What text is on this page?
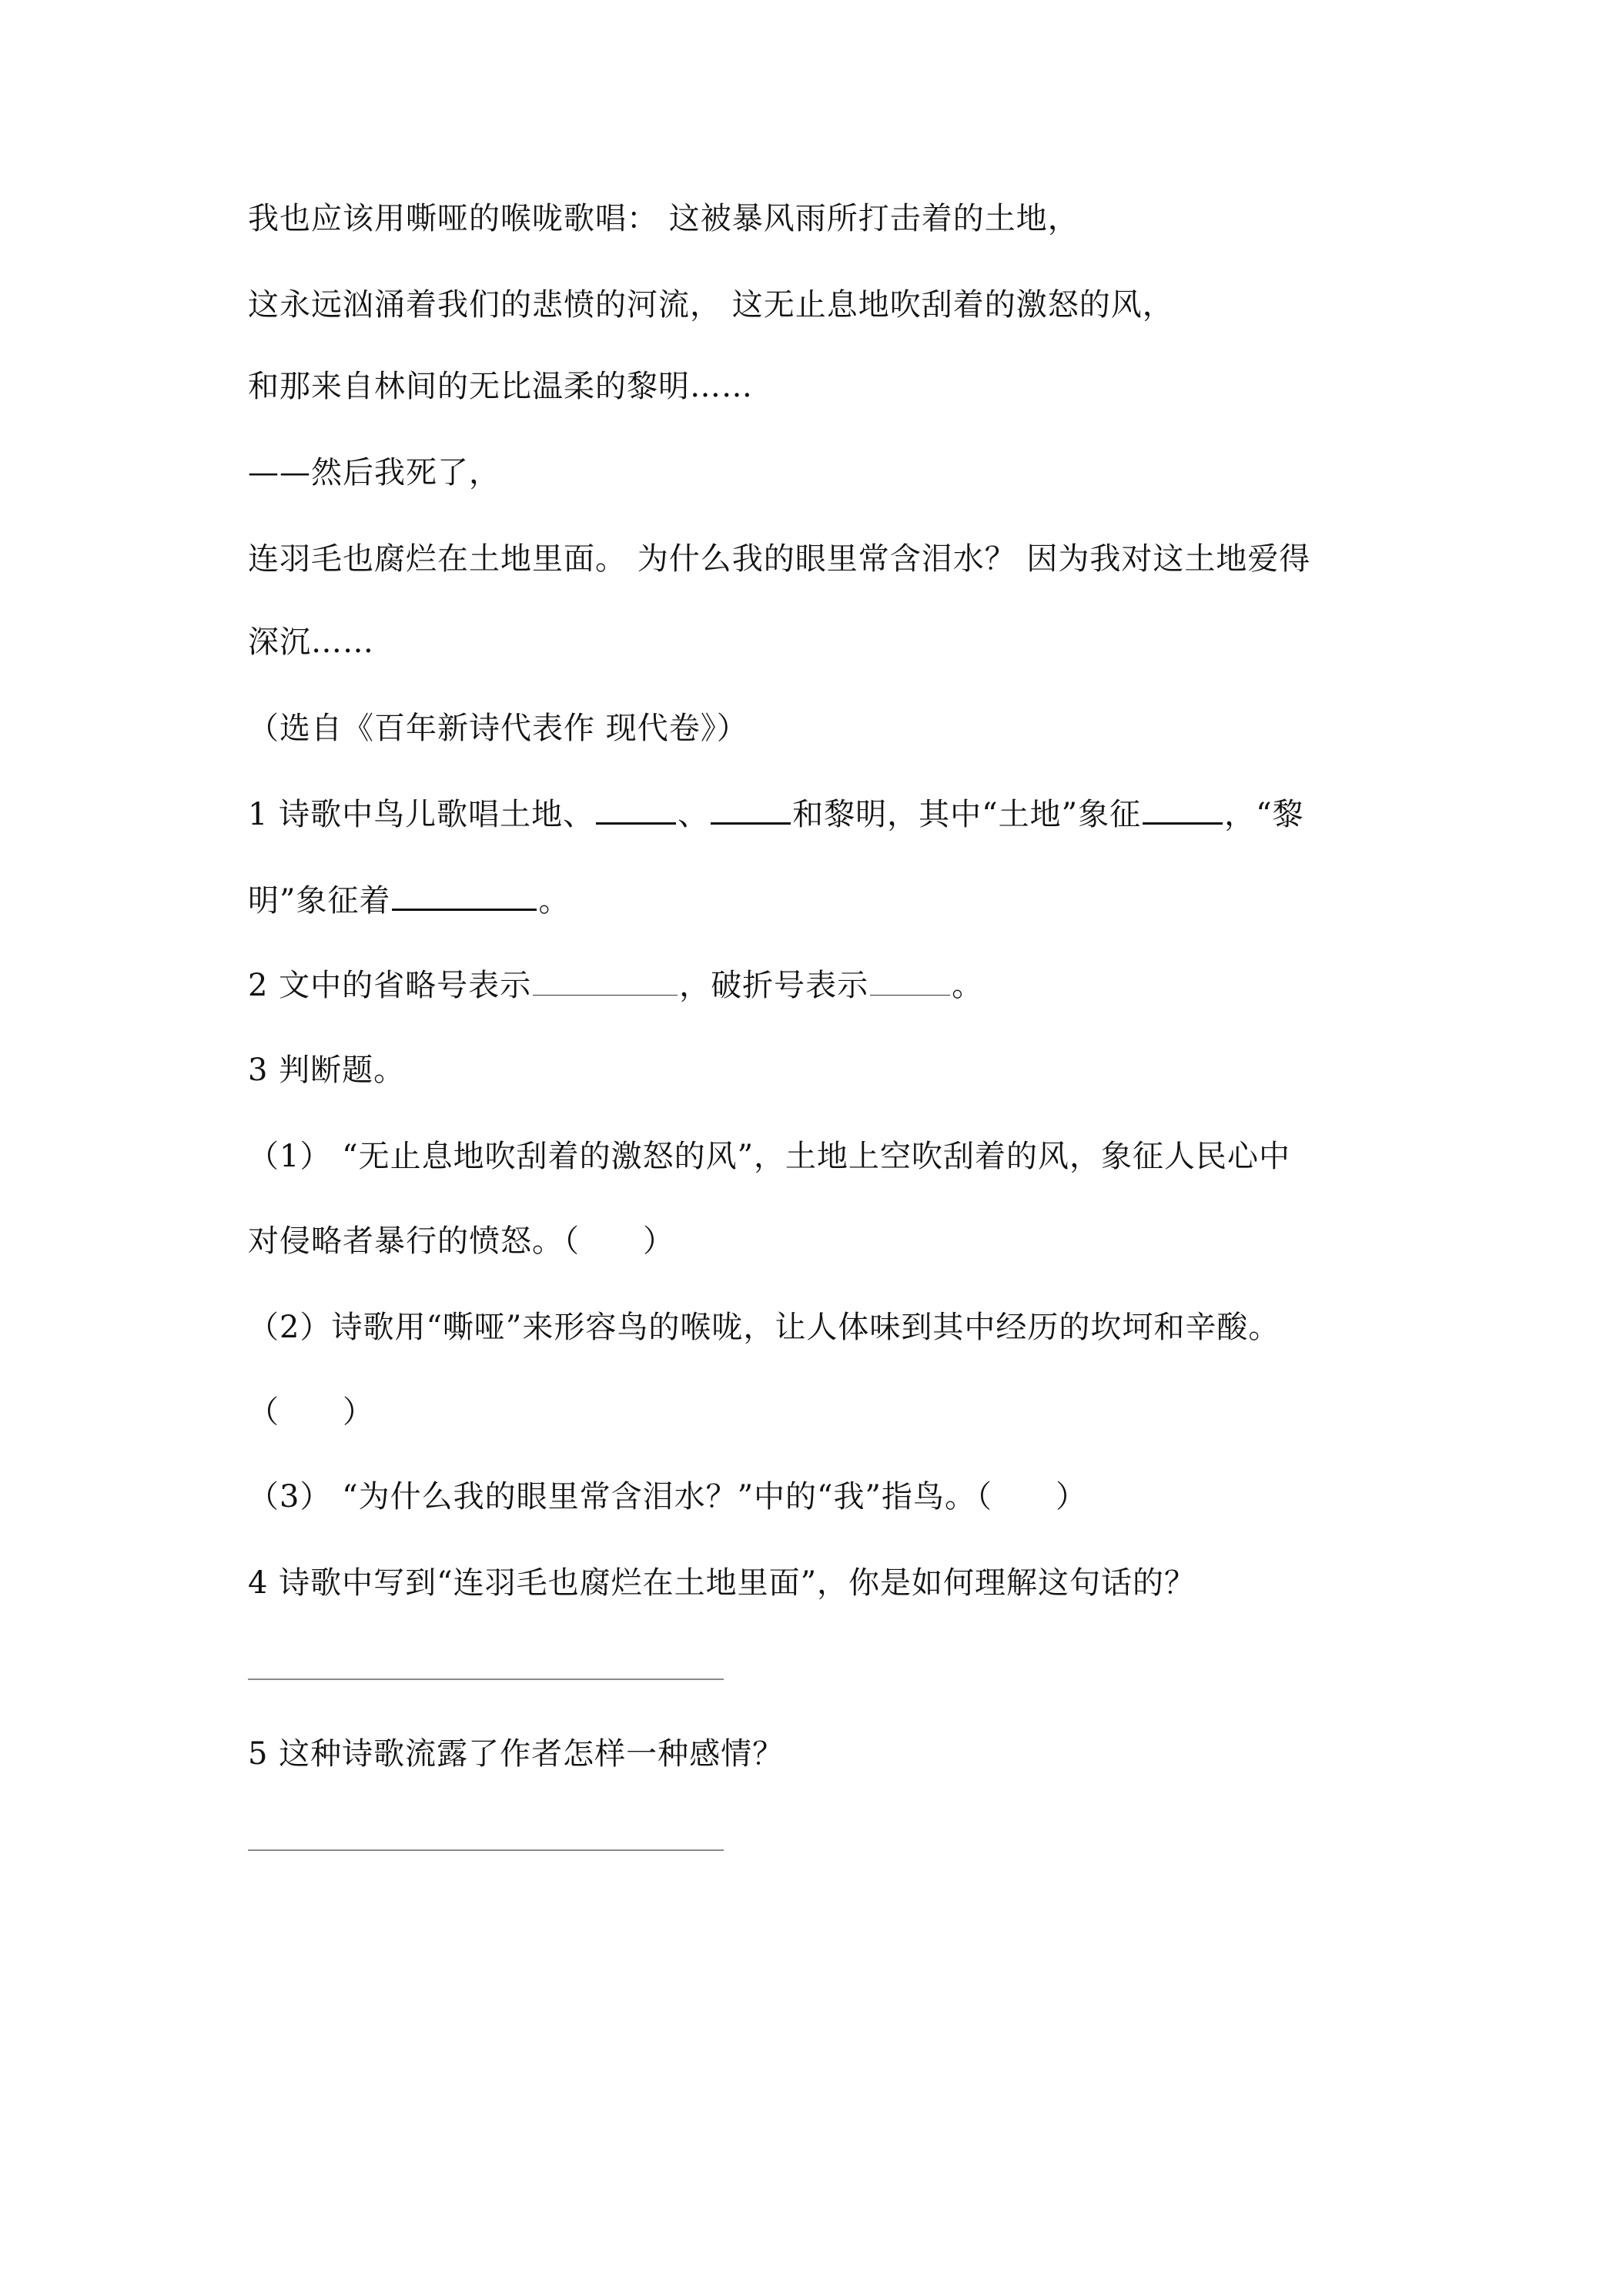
我也应该用嘶哑的喉咙歌唱： 这被暴风雨所打击着的土地，
这永远汹涌着我们的悲愤的河流， 这无止息地吹刮着的激怒的风，
和那来自林间的无比温柔的黎明……
——然后我死了，
连羽毛也腐烂在土地里面。 为什么我的眼里常含泪水？ 因为我对这土地爱得
深沉……
（选自《百年新诗代表作 现代卷》）
1 诗歌中鸟儿歌唱土地、	、	和黎明，其中“土地”象征	，“黎
明”象征着	。
2 文中的省略号表示	，破折号表示	。
3 判断题。
（1） “无止息地吹刮着的激怒的风”，土地上空吹刮着的风，象征人民心中
对侵略者暴行的愤怒。（　　）
（2）诗歌用“嘶哑”来形容鸟的喉咙，让人体味到其中经历的坎坷和辛酸。
（　　）
（3） “为什么我的眼里常含泪水？”中的“我”指鸟。（　　）
4 诗歌中写到“连羽毛也腐烂在土地里面”，你是如何理解这句话的？
5 这种诗歌流露了作者怎样一种感情？
